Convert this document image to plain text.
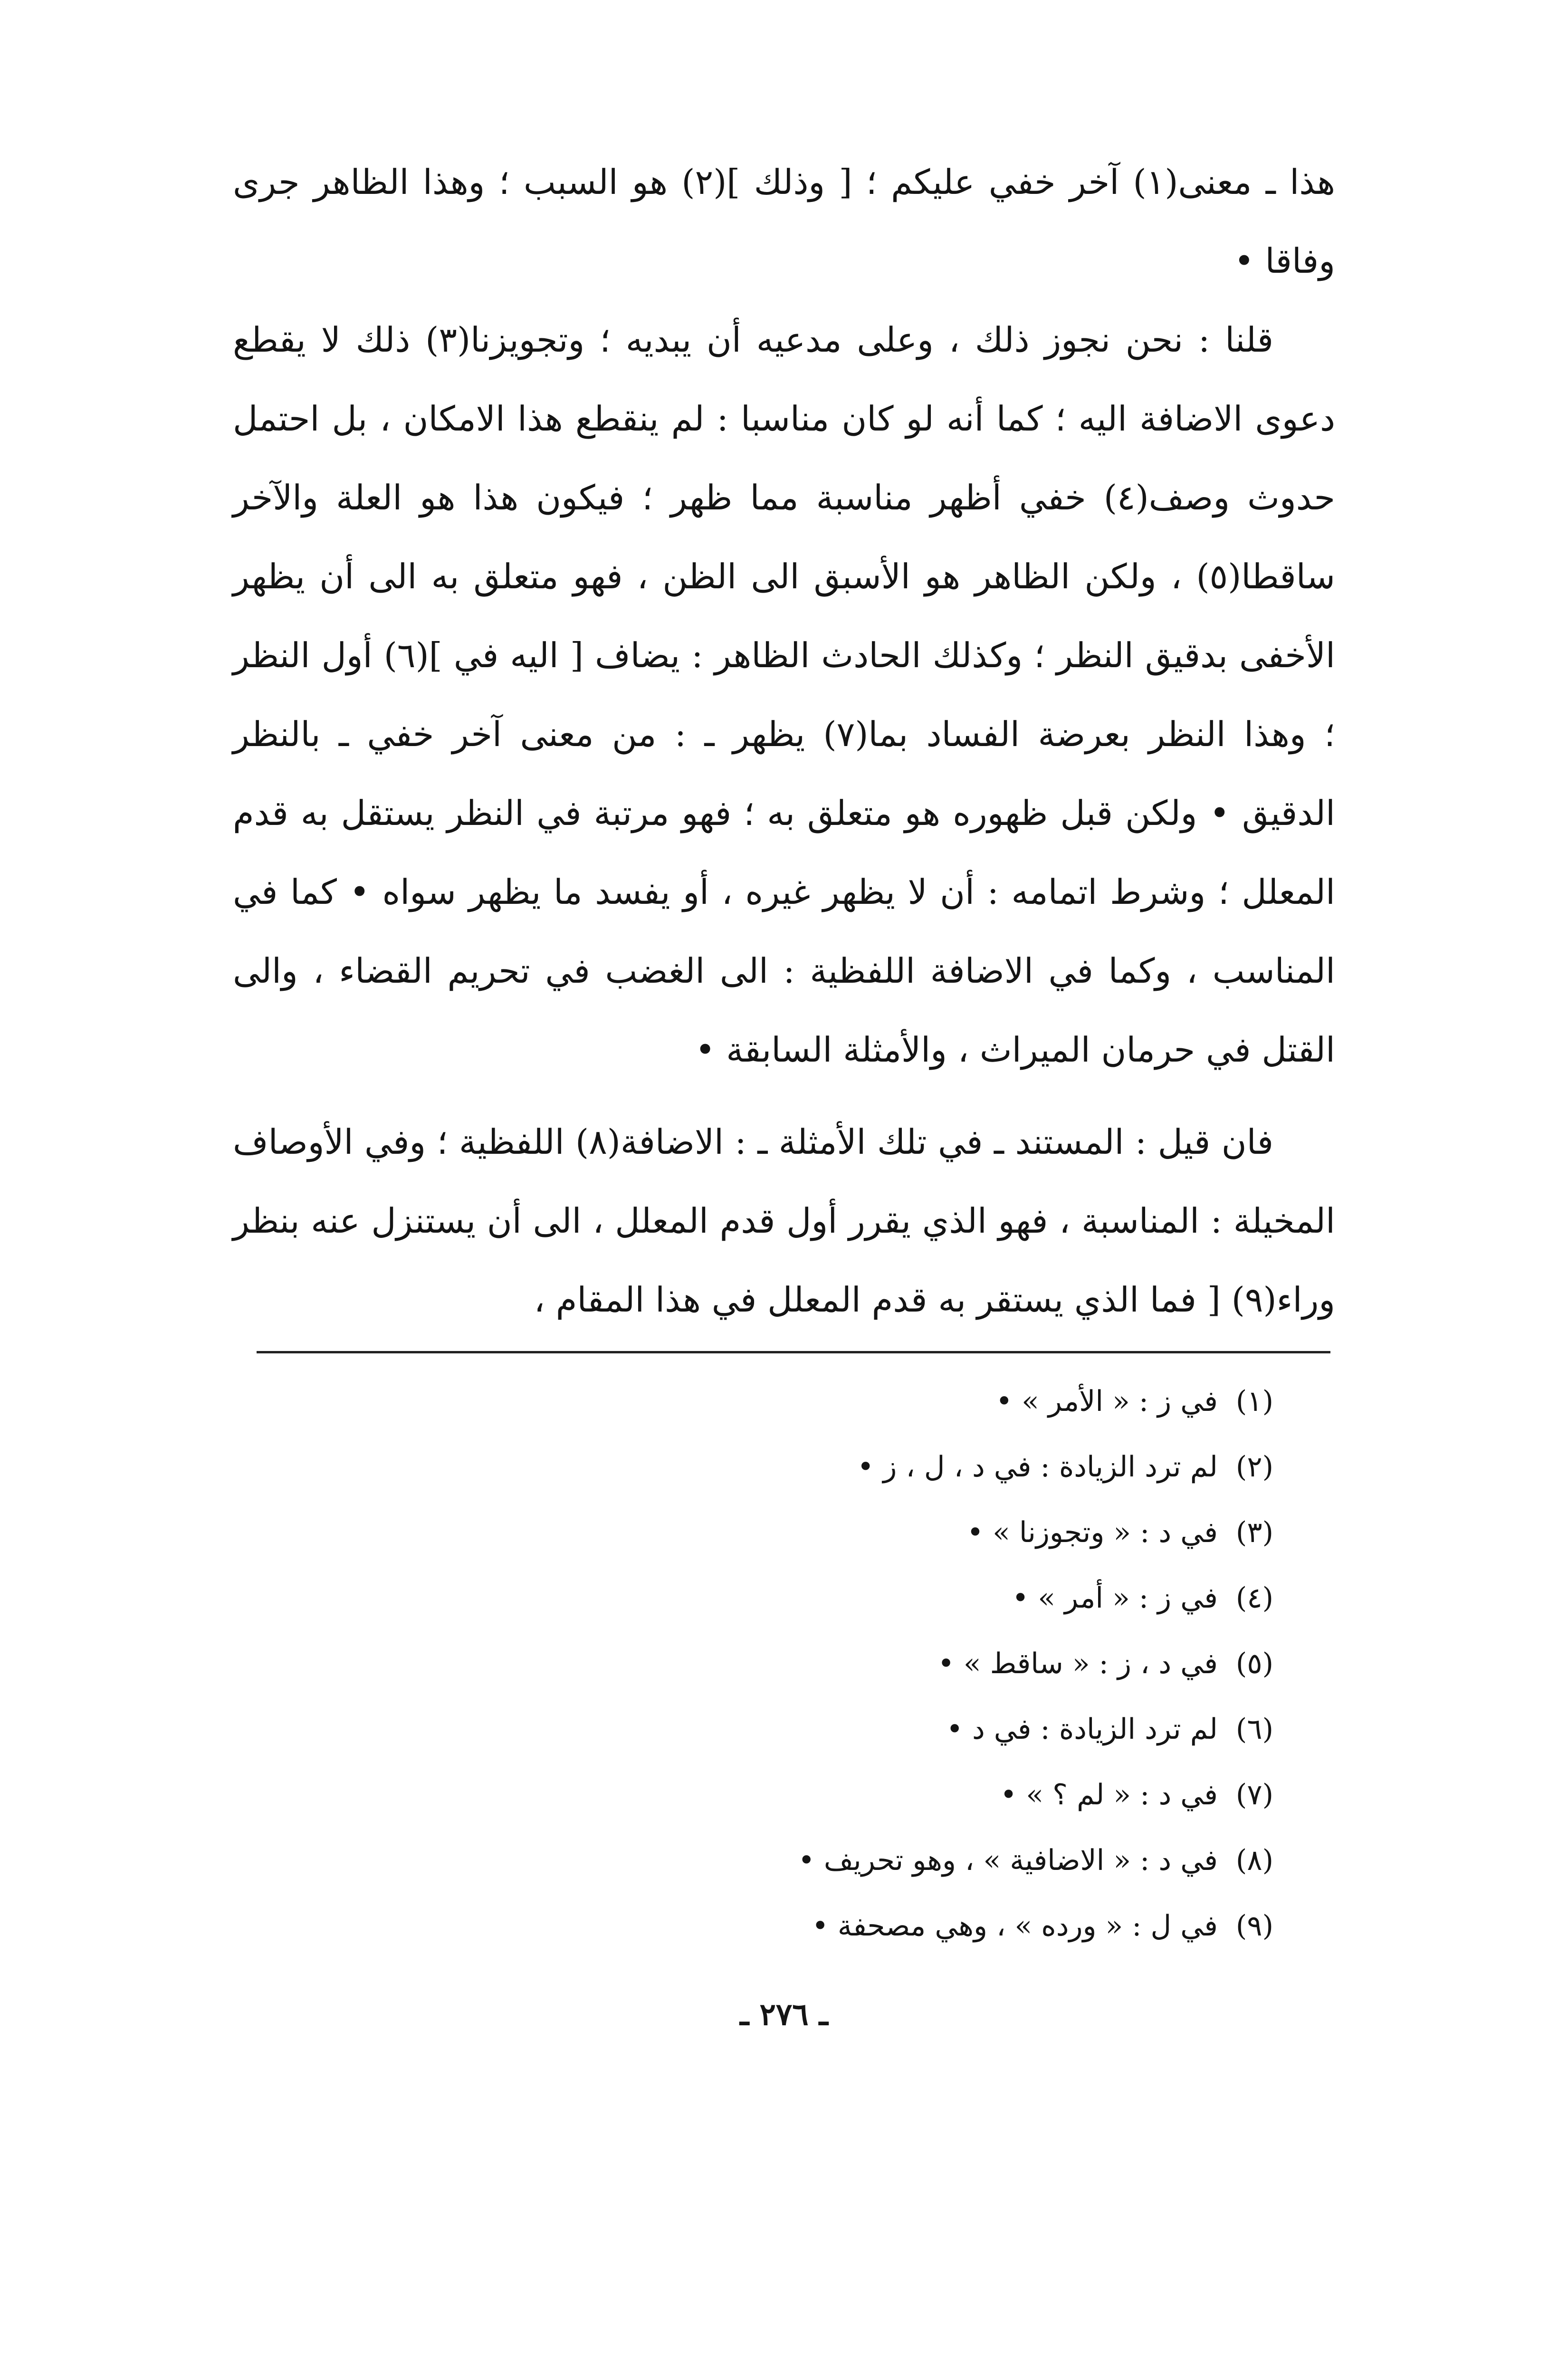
هذا ـ معنى(١) آخر خفي عليكم ؛ [ وذلك ](٢) هو السبب ؛ وهذا الظاهر جرى وفاقا •

قلنا : نحن نجوز ذلك ، وعلى مدعيه أن يبديه ؛ وتجويزنا(٣) ذلك لا يقطع دعوى الاضافة اليه ؛ كما أنه لو كان مناسبا : لم ينقطع هذا الامكان ، بل احتمل حدوث وصف(٤) خفي أظهر مناسبة مما ظهر ؛ فيكون هذا هو العلة والآخر ساقطا(٥) ، ولكن الظاهر هو الأسبق الى الظن ، فهو متعلق به الى أن يظهر الأخفى بدقيق النظر ؛ وكذلك الحادث الظاهر : يضاف [ اليه في ](٦) أول النظر ؛ وهذا النظر بعرضة الفساد بما(٧) يظهر ـ : من معنى آخر خفي ـ بالنظر الدقيق • ولكن قبل ظهوره هو متعلق به ؛ فهو مرتبة في النظر يستقل به قدم المعلل ؛ وشرط اتمامه : أن لا يظهر غيره ، أو يفسد ما يظهر سواه • كما في المناسب ، وكما في الاضافة اللفظية : الى الغضب في تحريم القضاء ، والى القتل في حرمان الميراث ، والأمثلة السابقة •

فان قيل : المستند ـ في تلك الأمثلة ـ : الاضافة(٨) اللفظية ؛ وفي الأوصاف المخيلة : المناسبة ، فهو الذي يقرر أول قدم المعلل ، الى أن يستنزل عنه بنظر وراء(٩) [ فما الذي يستقر به قدم المعلل في هذا المقام ،

(١)في ز : « الأمر » •
(٢)لم ترد الزيادة : في د ، ل ، ز •
(٣)في د : « وتجوزنا » •
(٤)في ز : « أمر » •
(٥)في د ، ز : « ساقط » •
(٦)لم ترد الزيادة : في د •
(٧)في د : « لم ؟ » •
(٨)في د : « الاضافية » ، وهو تحريف •
(٩)في ل : « ورده » ، وهي مصحفة •
ـ ٢٧٦ ـ
